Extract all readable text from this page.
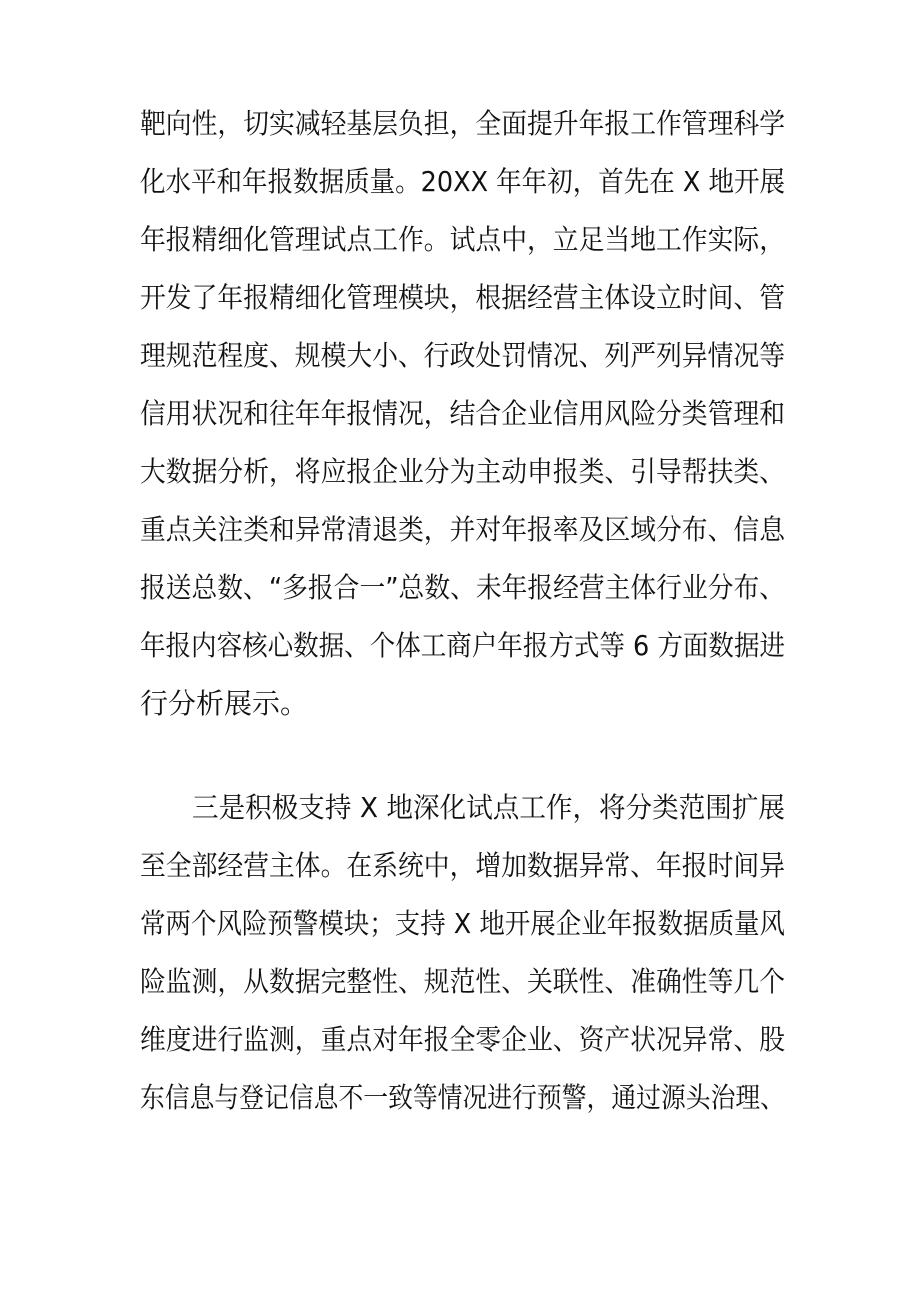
靶向性，切实减轻基层负担，全面提升年报工作管理科学
化水平和年报数据质量。20XX 年年初，首先在 X 地开展
年报精细化管理试点工作。试点中，立足当地工作实际，
开发了年报精细化管理模块，根据经营主体设立时间、管
理规范程度、规模大小、行政处罚情况、列严列异情况等
信用状况和往年年报情况，结合企业信用风险分类管理和
大数据分析，将应报企业分为主动申报类、引导帮扶类、
重点关注类和异常清退类，并对年报率及区域分布、信息
报送总数、“多报合一”总数、未年报经营主体行业分布、
年报内容核心数据、个体工商户年报方式等 6 方面数据进
行分析展示。
三是积极支持 X 地深化试点工作，将分类范围扩展
至全部经营主体。在系统中，增加数据异常、年报时间异
常两个风险预警模块；支持 X 地开展企业年报数据质量风
险监测，从数据完整性、规范性、关联性、准确性等几个
维度进行监测，重点对年报全零企业、资产状况异常、股
东信息与登记信息不一致等情况进行预警，通过源头治理、
